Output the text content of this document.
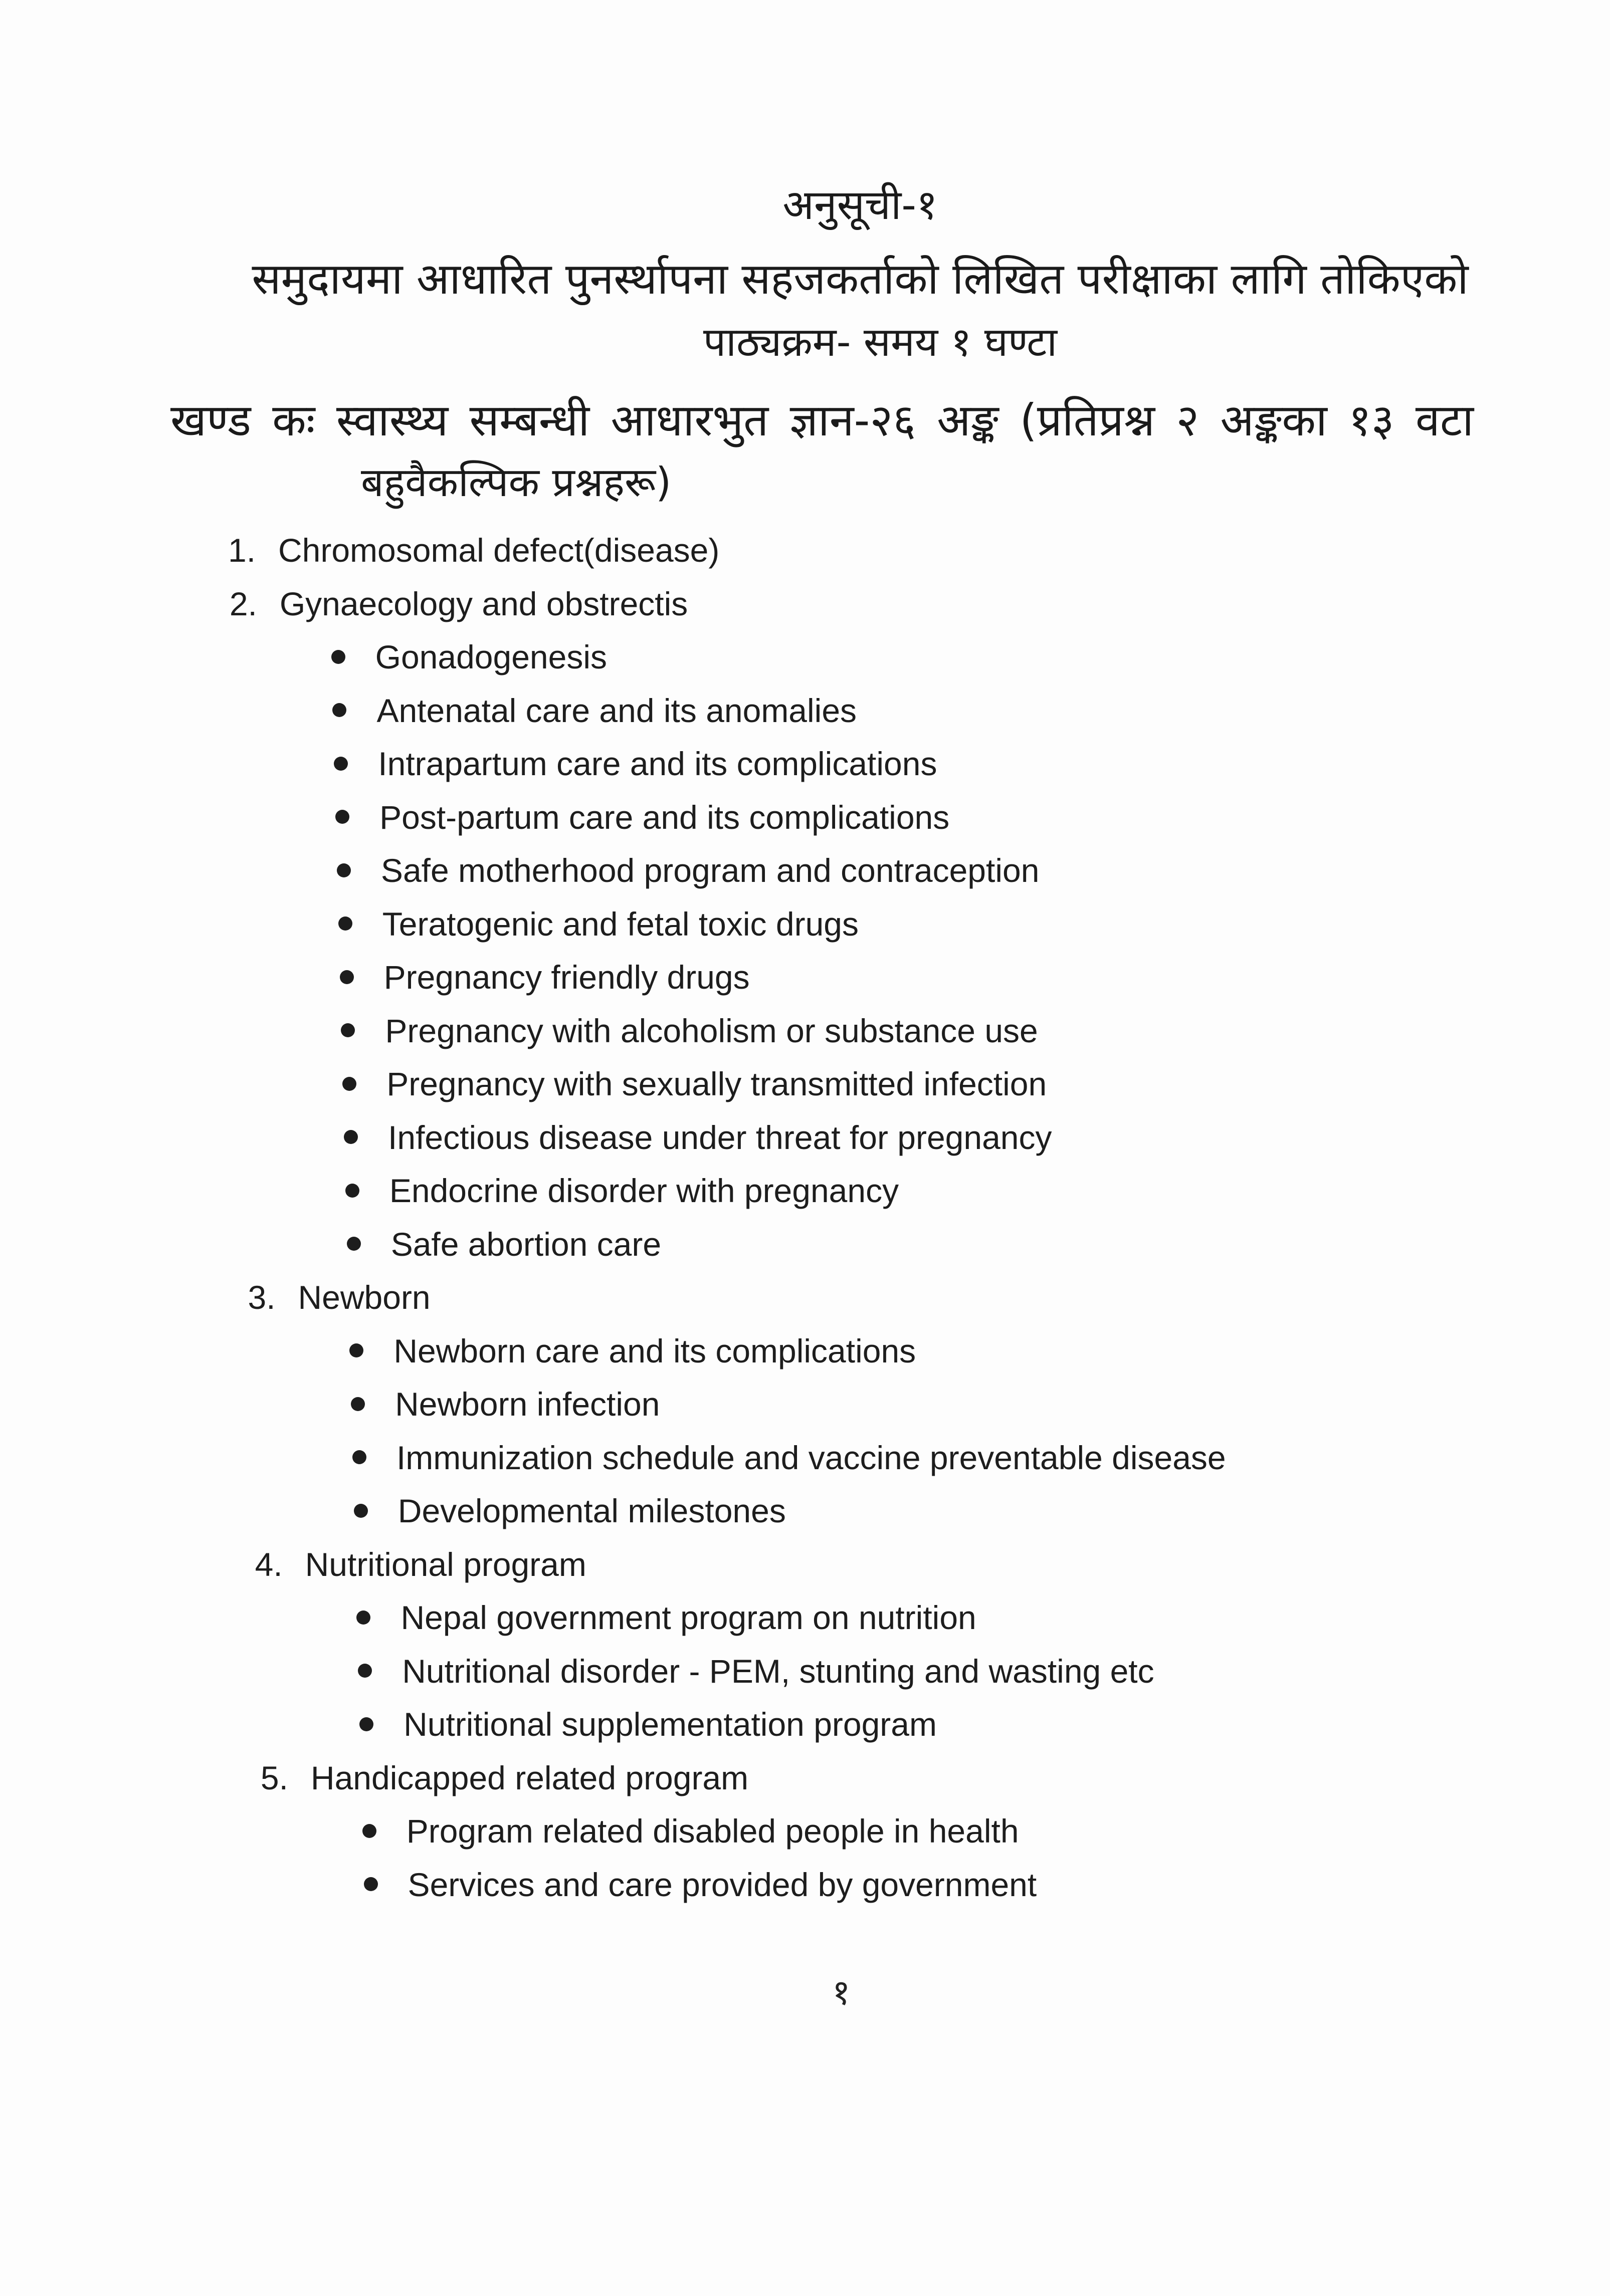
अनुसूची-१
समुदायमा आधारित पुनर्स्थापना सहजकर्ताको लिखित परीक्षाका लागि तोकिएको
पाठ्यक्रम- समय १ घण्टा
खण्ड कः स्वास्थ्य सम्बन्धी आधारभुत ज्ञान-२६ अङ्क (प्रतिप्रश्न २ अङ्कका १३ वटा
बहुवैकल्पिक प्रश्नहरू)
1. Chromosomal defect(disease)
2. Gynaecology and obstrectis
Gonadogenesis
Antenatal care and its anomalies
Intrapartum care and its complications
Post-partum care and its complications
Safe motherhood program and contraception
Teratogenic and fetal toxic drugs
Pregnancy friendly drugs
Pregnancy with alcoholism or substance use
Pregnancy with sexually transmitted infection
Infectious disease under threat for pregnancy
Endocrine disorder with pregnancy
Safe abortion care
3. Newborn
Newborn care and its complications
Newborn infection
Immunization schedule and vaccine preventable disease
Developmental milestones
4. Nutritional program
Nepal government program on nutrition
Nutritional disorder - PEM, stunting and wasting etc
Nutritional supplementation program
5. Handicapped related program
Program related disabled people in health
Services and care provided by government
१
